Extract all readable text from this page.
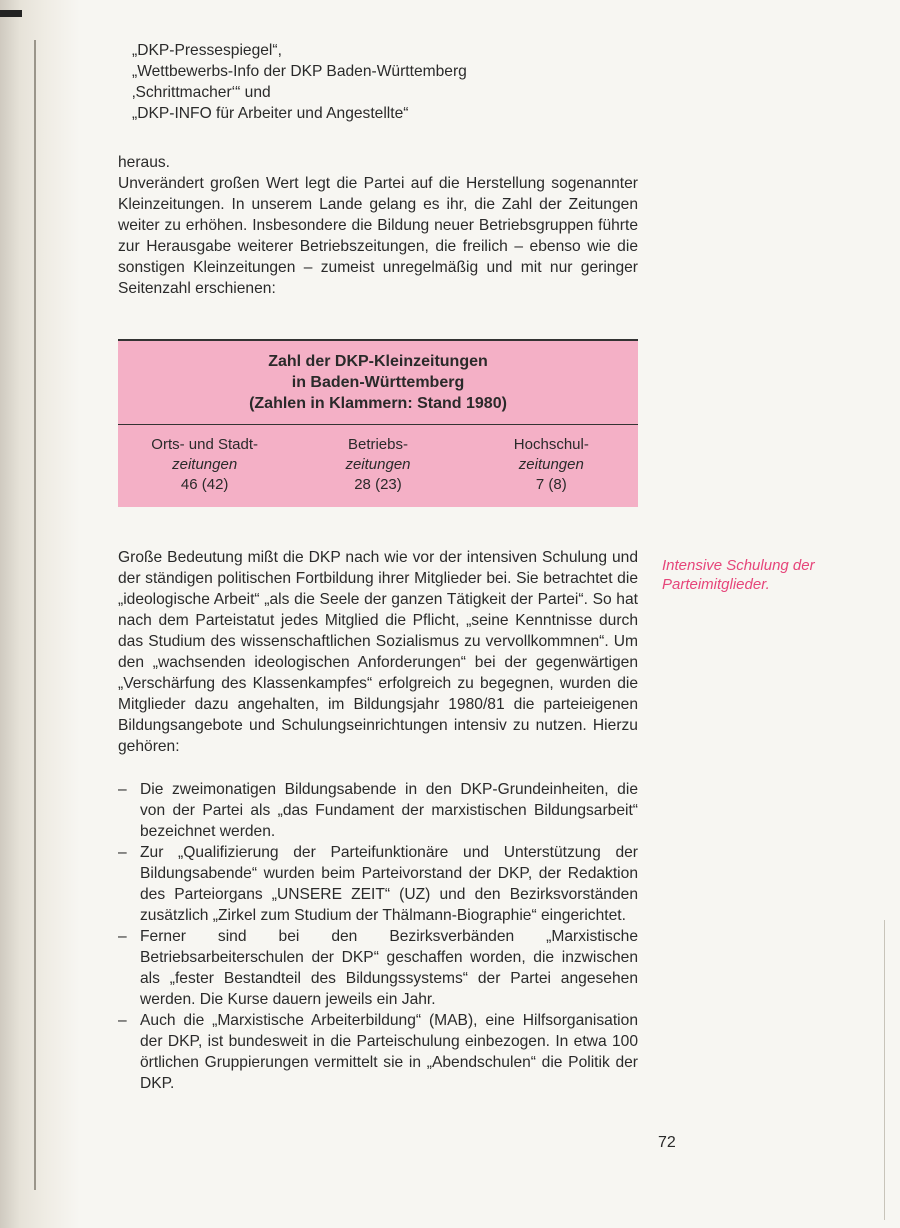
„DKP-Pressespiegel“,

„Wettbewerbs-Info der DKP Baden-Württemberg

‚Schrittmacher‘“ und

„DKP-INFO für Arbeiter und Angestellte“

heraus.

Unverändert großen Wert legt die Partei auf die Herstellung sogenannter Kleinzeitungen. In unserem Lande gelang es ihr, die Zahl der Zeitungen weiter zu erhöhen. Insbesondere die Bildung neuer Betriebsgruppen führte zur Herausgabe weiterer Betriebszeitungen, die freilich – ebenso wie die sonstigen Kleinzeitungen – zumeist unregelmäßig und mit nur geringer Seitenzahl erschienen:

Zahl der DKP-Kleinzeitungen
in Baden-Württemberg
(Zahlen in Klammern: Stand 1980)
Orts- und Stadt-
zeitungen
46 (42)
Betriebs-
zeitungen
28 (23)
Hochschul-
zeitungen
7 (8)

Große Bedeutung mißt die DKP nach wie vor der intensiven Schulung und der ständigen politischen Fortbildung ihrer Mitglieder bei. Sie betrachtet die „ideologische Arbeit“ „als die Seele der ganzen Tätigkeit der Partei“. So hat nach dem Parteistatut jedes Mitglied die Pflicht, „seine Kenntnisse durch das Studium des wissenschaftlichen Sozialismus zu vervollkommnen“. Um den „wachsenden ideologischen Anforderungen“ bei der gegenwärtigen „Verschärfung des Klassenkampfes“ erfolgreich zu begegnen, wurden die Mitglieder dazu angehalten, im Bildungsjahr 1980/81 die parteieigenen Bildungsangebote und Schulungseinrichtungen intensiv zu nutzen. Hierzu gehören:

– Die zweimonatigen Bildungsabende in den DKP-Grundeinheiten, die von der Partei als „das Fundament der marxistischen Bildungsarbeit“ bezeichnet werden.
– Zur „Qualifizierung der Parteifunktionäre und Unterstützung der Bildungsabende“ wurden beim Parteivorstand der DKP, der Redaktion des Parteiorgans „UNSERE ZEIT“ (UZ) und den Bezirksvorständen zusätzlich „Zirkel zum Studium der Thälmann-Biographie“ eingerichtet.
– Ferner sind bei den Bezirksverbänden „Marxistische Betriebsarbeiterschulen der DKP“ geschaffen worden, die inzwischen als „fester Bestandteil des Bildungssystems“ der Partei angesehen werden. Die Kurse dauern jeweils ein Jahr.
– Auch die „Marxistische Arbeiterbildung“ (MAB), eine Hilfsorganisation der DKP, ist bundesweit in die Parteischulung einbezogen. In etwa 100 örtlichen Gruppierungen vermittelt sie in „Abendschulen“ die Politik der DKP.
Intensive Schulung der
Parteimitglieder.
72
